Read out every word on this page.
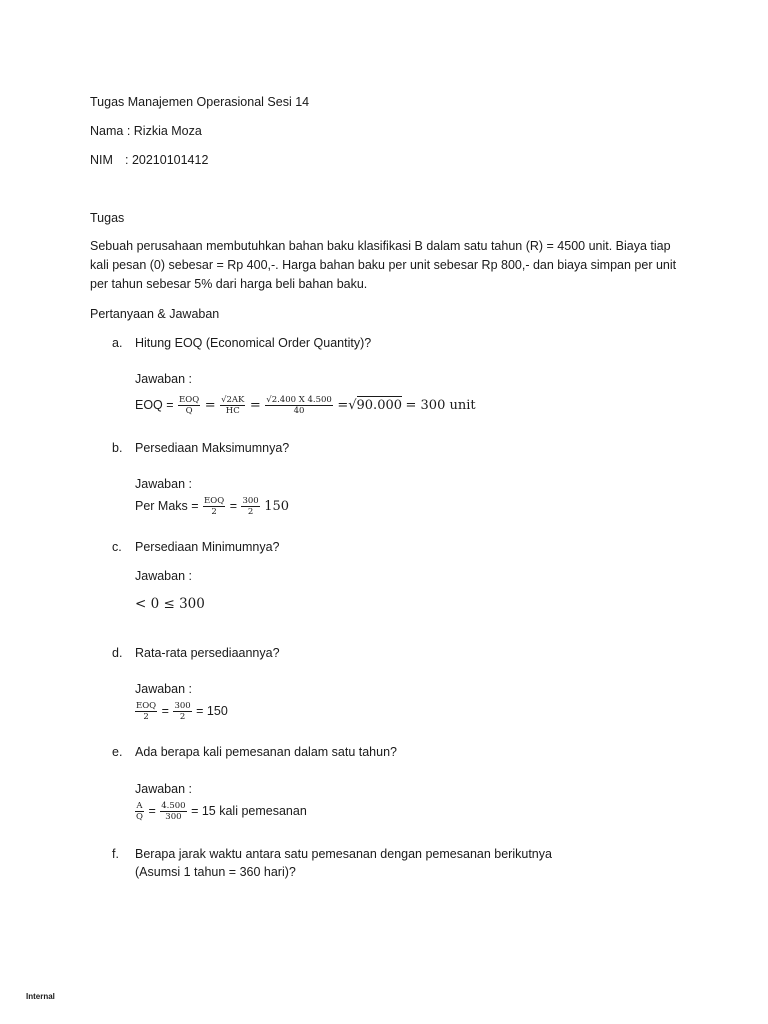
Tugas Manajemen Operasional Sesi 14
Nama : Rizkia Moza
NIM : 20210101412
Tugas
Sebuah perusahaan membutuhkan bahan baku klasifikasi B dalam satu tahun (R) = 4500 unit. Biaya tiap
kali pesan (0) sebesar = Rp 400,-. Harga bahan baku per unit sebesar Rp 800,- dan biaya simpan per unit
per tahun sebesar 5% dari harga beli bahan baku.
Pertanyaan & Jawaban
a. Hitung EOQ (Economical Order Quantity)?
Jawaban :
EOQ = $\frac{\text{EOQ}}{Q} = \frac{√2AK}{HC} = \frac{√2.400 X 4.500}{40} =√90.000 = 300$ unit
b. Persediaan Maksimumnya?
Jawaban :
Per Maks = $\frac{\text{EOQ}}{2} = \frac{300}{2} 150$
c. Persediaan Minimumnya?
Jawaban :
< 0 ≤ 300
d. Rata-rata persediaannya?
Jawaban :
$\frac{\text{EOQ}}{2} = \frac{300}{2} = 150$
e. Ada berapa kali pemesanan dalam satu tahun?
Jawaban :
$\frac{A}{Q} = \frac{4.500}{300} = 15$ kali pemesanan
f. Berapa jarak waktu antara satu pemesanan dengan pemesanan berikutnya
(Asumsi 1 tahun = 360 hari)?
Internal
